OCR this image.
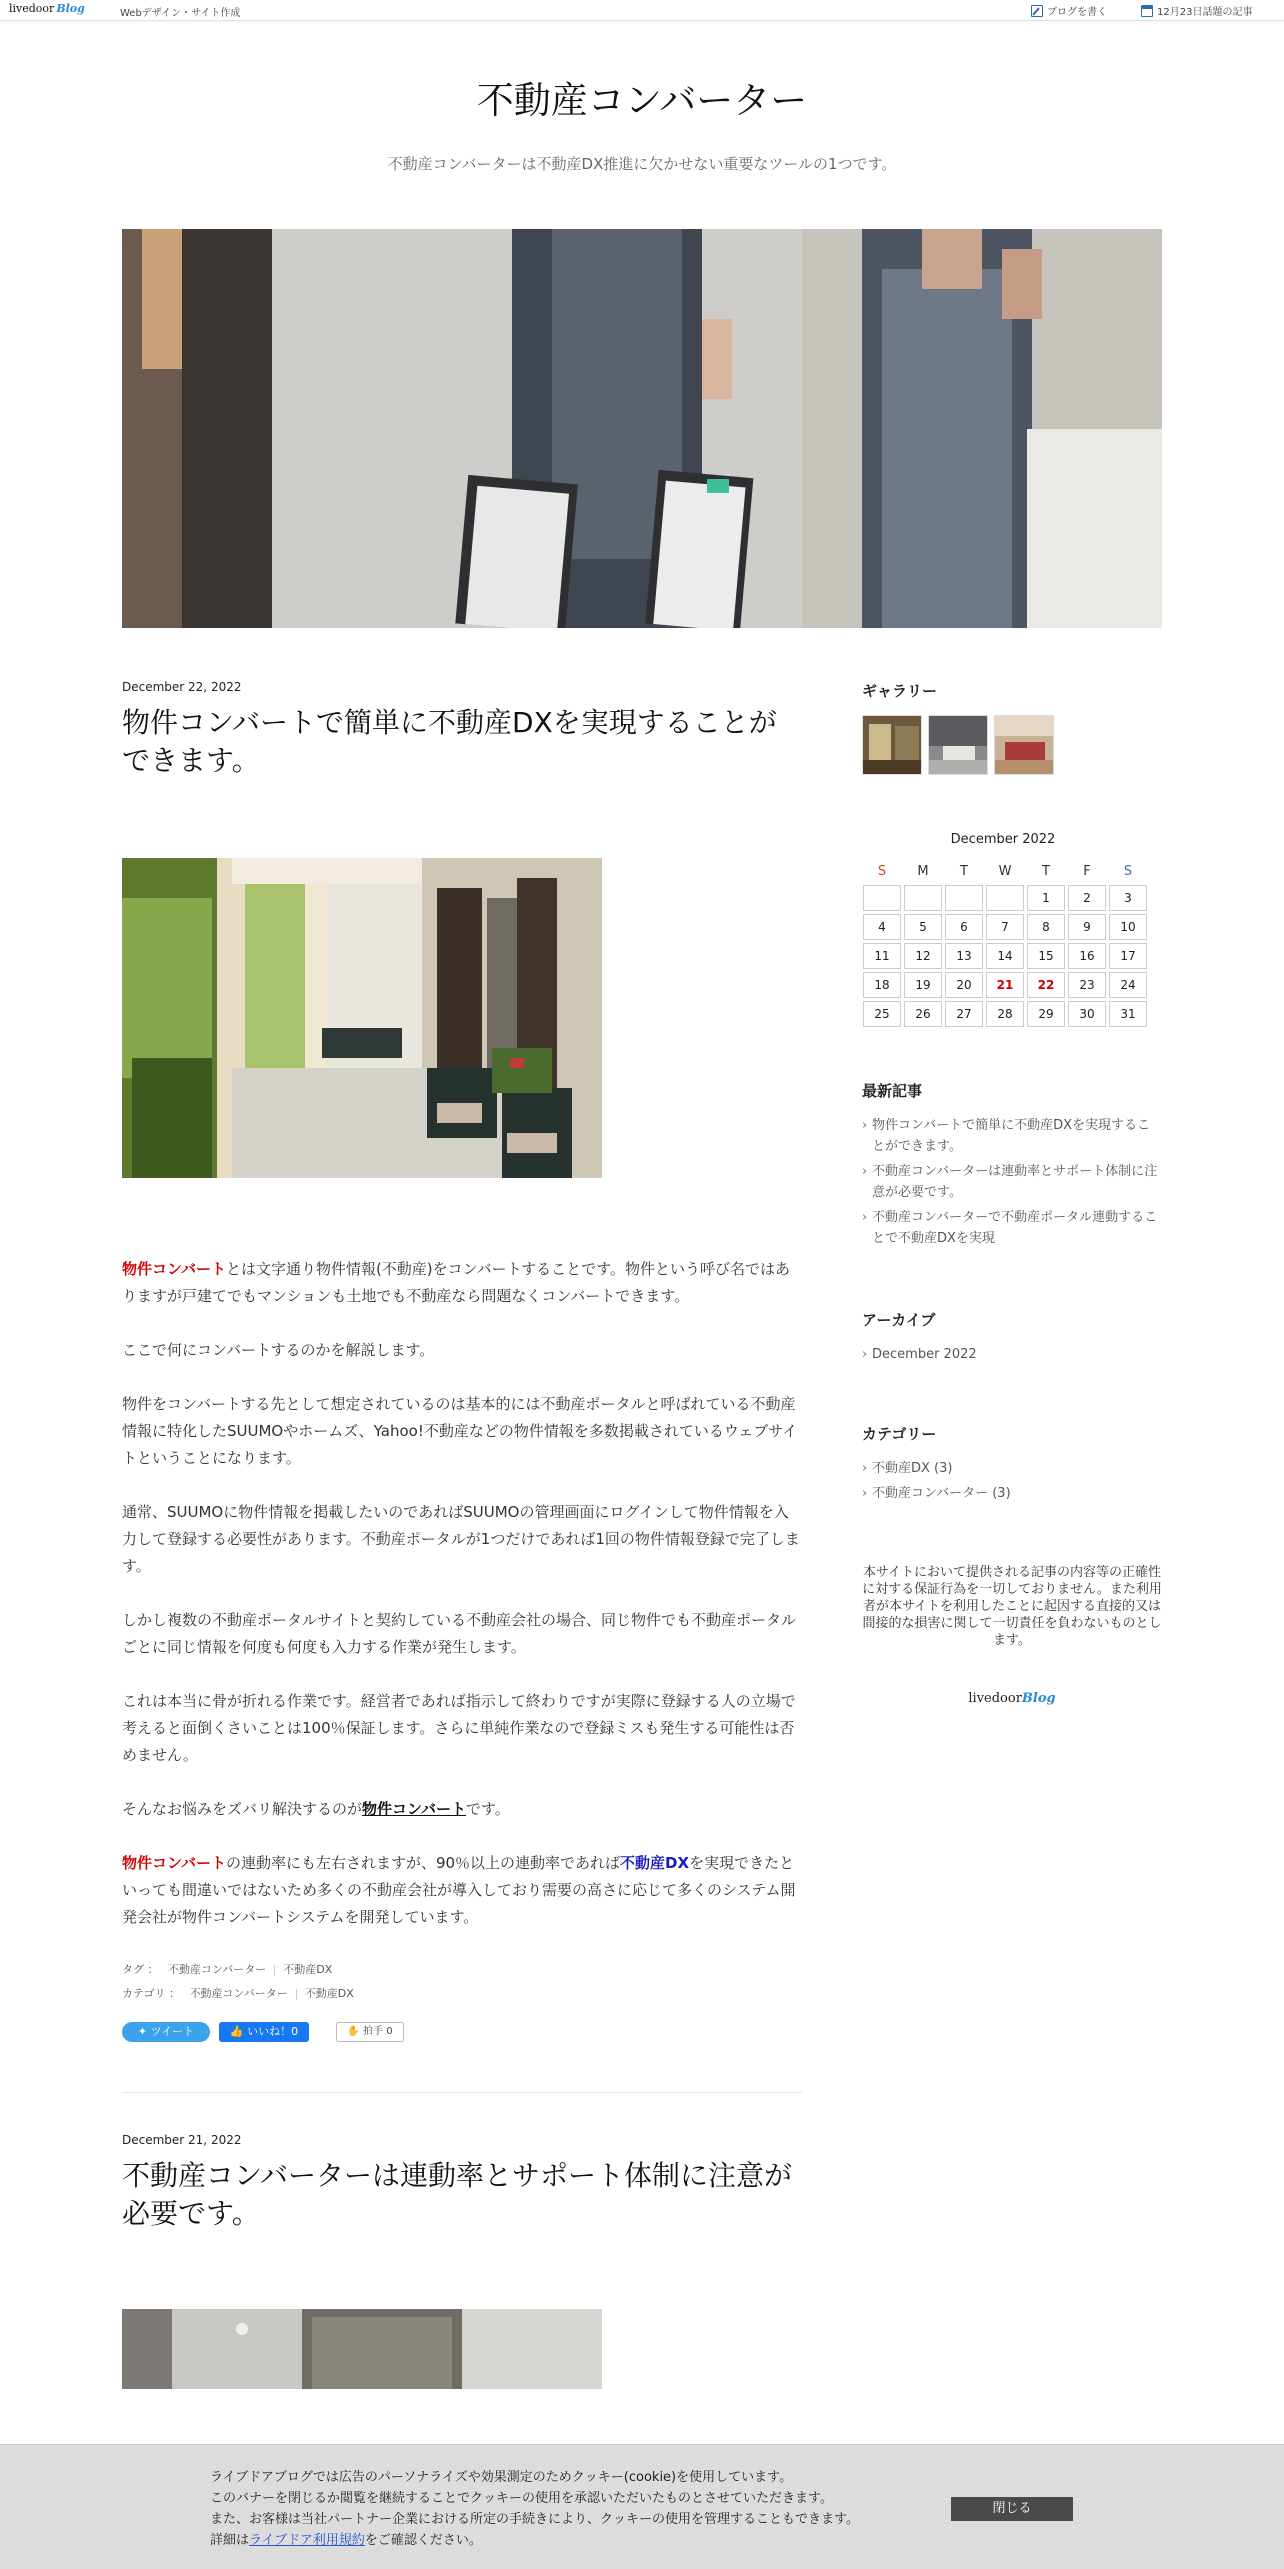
livedoor Blog	Webデザイン・サイト作成	ブログを書く	12月23日話題の記事
不動産コンバーター
不動産コンバーターは不動産DX推進に欠かせない重要なツールの1つです。
December 22, 2022
物件コンバートで簡単に不動産DXを実現することができます。

物件コンバートとは文字通り物件情報(不動産)をコンバートすることです。物件という呼び名ではありますが戸建てでもマンションも土地でも不動産なら問題なくコンバートできます。

ここで何にコンバートするのかを解説します。

物件をコンバートする先として想定されているのは基本的には不動産ポータルと呼ばれている不動産情報に特化したSUUMOやホームズ、Yahoo!不動産などの物件情報を多数掲載されているウェブサイトということになります。

通常、SUUMOに物件情報を掲載したいのであればSUUMOの管理画面にログインして物件情報を入力して登録する必要性があります。不動産ポータルが1つだけであれば1回の物件情報登録で完了します。

しかし複数の不動産ポータルサイトと契約している不動産会社の場合、同じ物件でも不動産ポータルごとに同じ情報を何度も何度も入力する作業が発生します。

これは本当に骨が折れる作業です。経営者であれば指示して終わりですが実際に登録する人の立場で考えると面倒くさいことは100％保証します。さらに単純作業なので登録ミスも発生する可能性は否めません。

そんなお悩みをズバリ解決するのが物件コンバートです。

物件コンバートの連動率にも左右されますが、90％以上の連動率であれば不動産DXを実現できたといっても間違いではないため多くの不動産会社が導入しており需要の高さに応じて多くのシステム開発会社が物件コンバートシステムを開発しています。

タグ ： 不動産コンバーター 不動産DX
カテゴリ ： 不動産コンバーター 不動産DX
✦ ツイート	👍 いいね！0	✋ 拍手 0
December 21, 2022
不動産コンバーターは連動率とサポート体制に注意が必要です。
ギャラリー
December 2022
S	M	T	W	T	F	S
				1	2	3
4	5	6	7	8	9	10
11	12	13	14	15	16	17
18	19	20	21	22	23	24
25	26	27	28	29	30	31
最新記事
› 物件コンバートで簡単に不動産DXを実現することができます。
› 不動産コンバーターは連動率とサポート体制に注意が必要です。
› 不動産コンバーターで不動産ポータル連動することで不動産DXを実現
アーカイブ
› December 2022
カテゴリー
› 不動産DX (3)
› 不動産コンバーター (3)
本サイトにおいて提供される記事の内容等の正確性に対する保証行為を一切しておりません。また利用者が本サイトを利用したことに起因する直接的又は間接的な損害に関して一切責任を負わないものとします。
livedoorBlog
ライブドアブログでは広告のパーソナライズや効果測定のためクッキー(cookie)を使用しています。
このバナーを閉じるか閲覧を継続することでクッキーの使用を承認いただいたものとさせていただきます。
また、お客様は当社パートナー企業における所定の手続きにより、クッキーの使用を管理することもできます。
詳細はライブドア利用規約をご確認ください。
閉じる
